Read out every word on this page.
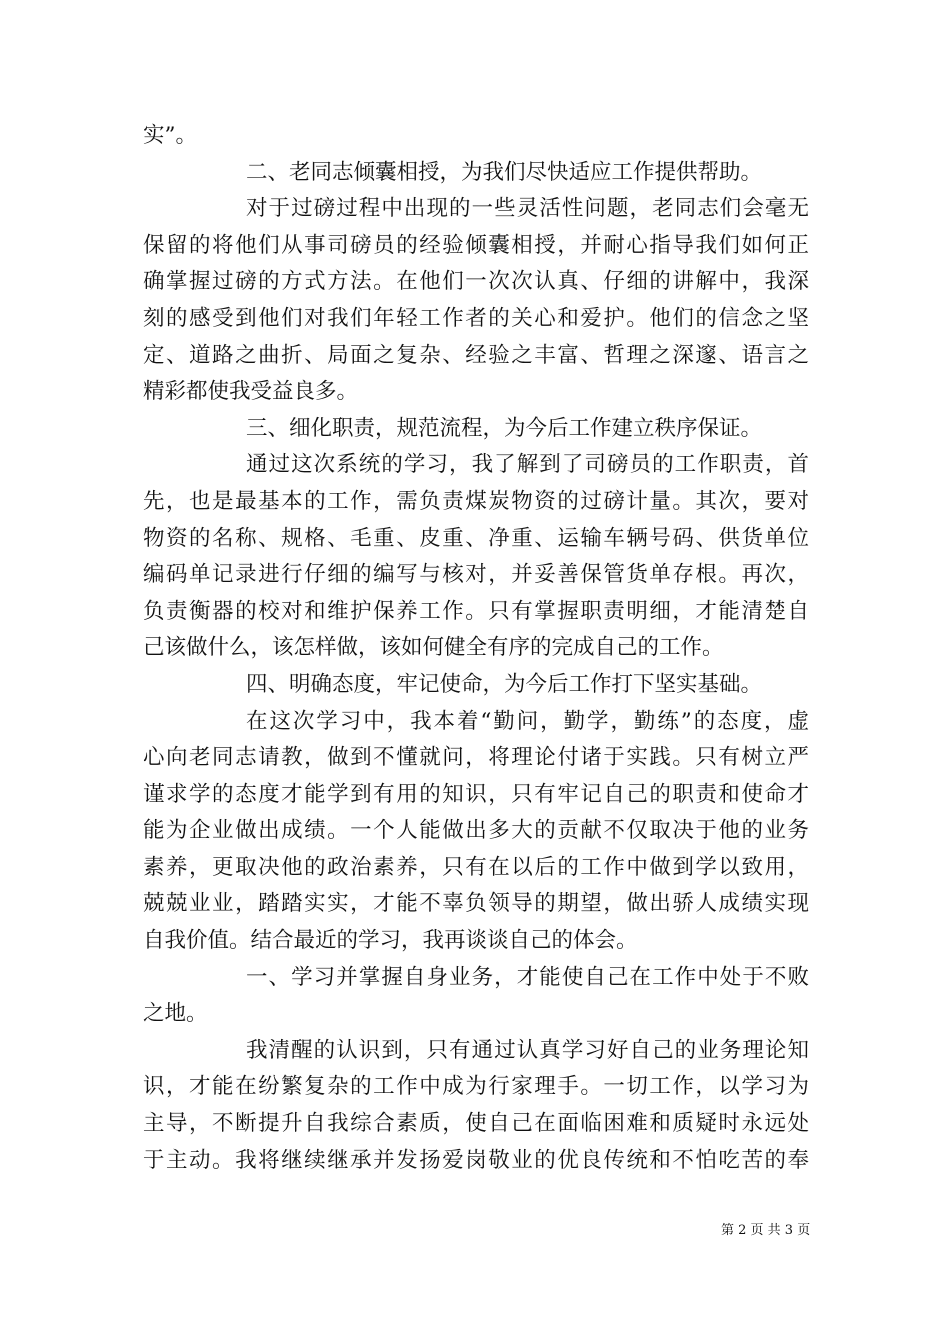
实”。
二、老同志倾囊相授，为我们尽快适应工作提供帮助。
对于过磅过程中出现的一些灵活性问题，老同志们会毫无
保留的将他们从事司磅员的经验倾囊相授，并耐心指导我们如何正
确掌握过磅的方式方法。在他们一次次认真、仔细的讲解中，我深
刻的感受到他们对我们年轻工作者的关心和爱护。他们的信念之坚
定、道路之曲折、局面之复杂、经验之丰富、哲理之深邃、语言之
精彩都使我受益良多。
三、细化职责，规范流程，为今后工作建立秩序保证。
通过这次系统的学习，我了解到了司磅员的工作职责，首
先，也是最基本的工作，需负责煤炭物资的过磅计量。其次，要对
物资的名称、规格、毛重、皮重、净重、运输车辆号码、供货单位
编码单记录进行仔细的编写与核对，并妥善保管货单存根。再次，
负责衡器的校对和维护保养工作。只有掌握职责明细，才能清楚自
己该做什么，该怎样做，该如何健全有序的完成自己的工作。
四、明确态度，牢记使命，为今后工作打下坚实基础。
在这次学习中，我本着“勤问，勤学，勤练”的态度，虚
心向老同志请教，做到不懂就问，将理论付诸于实践。只有树立严
谨求学的态度才能学到有用的知识，只有牢记自己的职责和使命才
能为企业做出成绩。一个人能做出多大的贡献不仅取决于他的业务
素养，更取决他的政治素养，只有在以后的工作中做到学以致用，
兢兢业业，踏踏实实，才能不辜负领导的期望，做出骄人成绩实现
自我价值。结合最近的学习，我再谈谈自己的体会。
一、学习并掌握自身业务，才能使自己在工作中处于不败
之地。
我清醒的认识到，只有通过认真学习好自己的业务理论知
识，才能在纷繁复杂的工作中成为行家理手。一切工作，以学习为
主导，不断提升自我综合素质，使自己在面临困难和质疑时永远处
于主动。我将继续继承并发扬爱岗敬业的优良传统和不怕吃苦的奉
第 2 页 共 3 页
